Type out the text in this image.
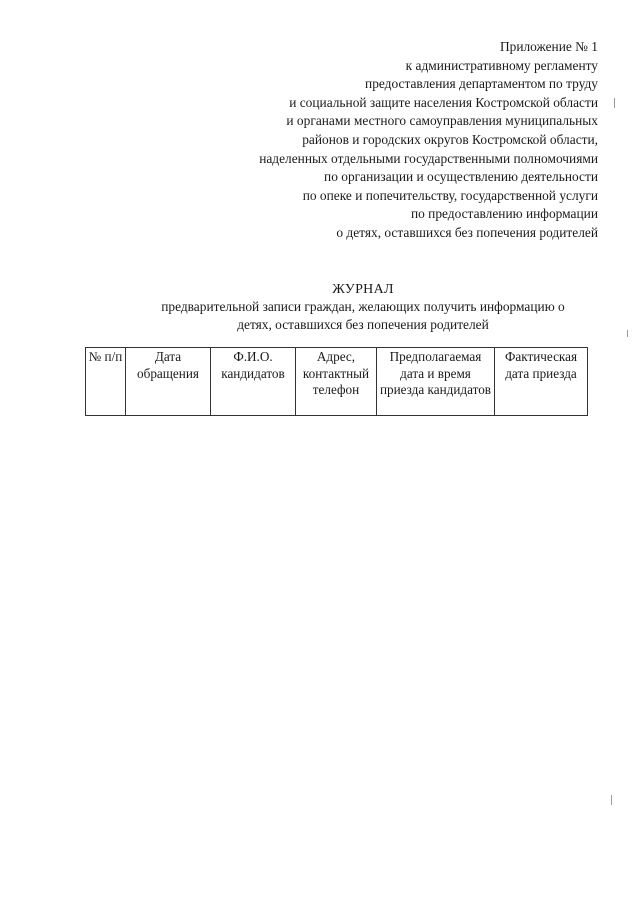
Приложение № 1
к административному регламенту
предоставления департаментом по труду
и социальной защите населения Костромской области
и органами местного самоуправления муниципальных
районов и городских округов Костромской области,
наделенных отдельными государственными полномочиями
по организации и осуществлению деятельности
по опеке и попечительству, государственной услуги
по предоставлению информации
о детях, оставшихся без попечения родителей
ЖУРНАЛ
предварительной записи граждан, желающих получить информацию о
детях, оставшихся без попечения родителей
№ п/п	Дата обращения	Ф.И.О. кандидатов	Адрес, контактный телефон	Предполагаемая дата и время приезда кандидатов	Фактическая дата приезда
